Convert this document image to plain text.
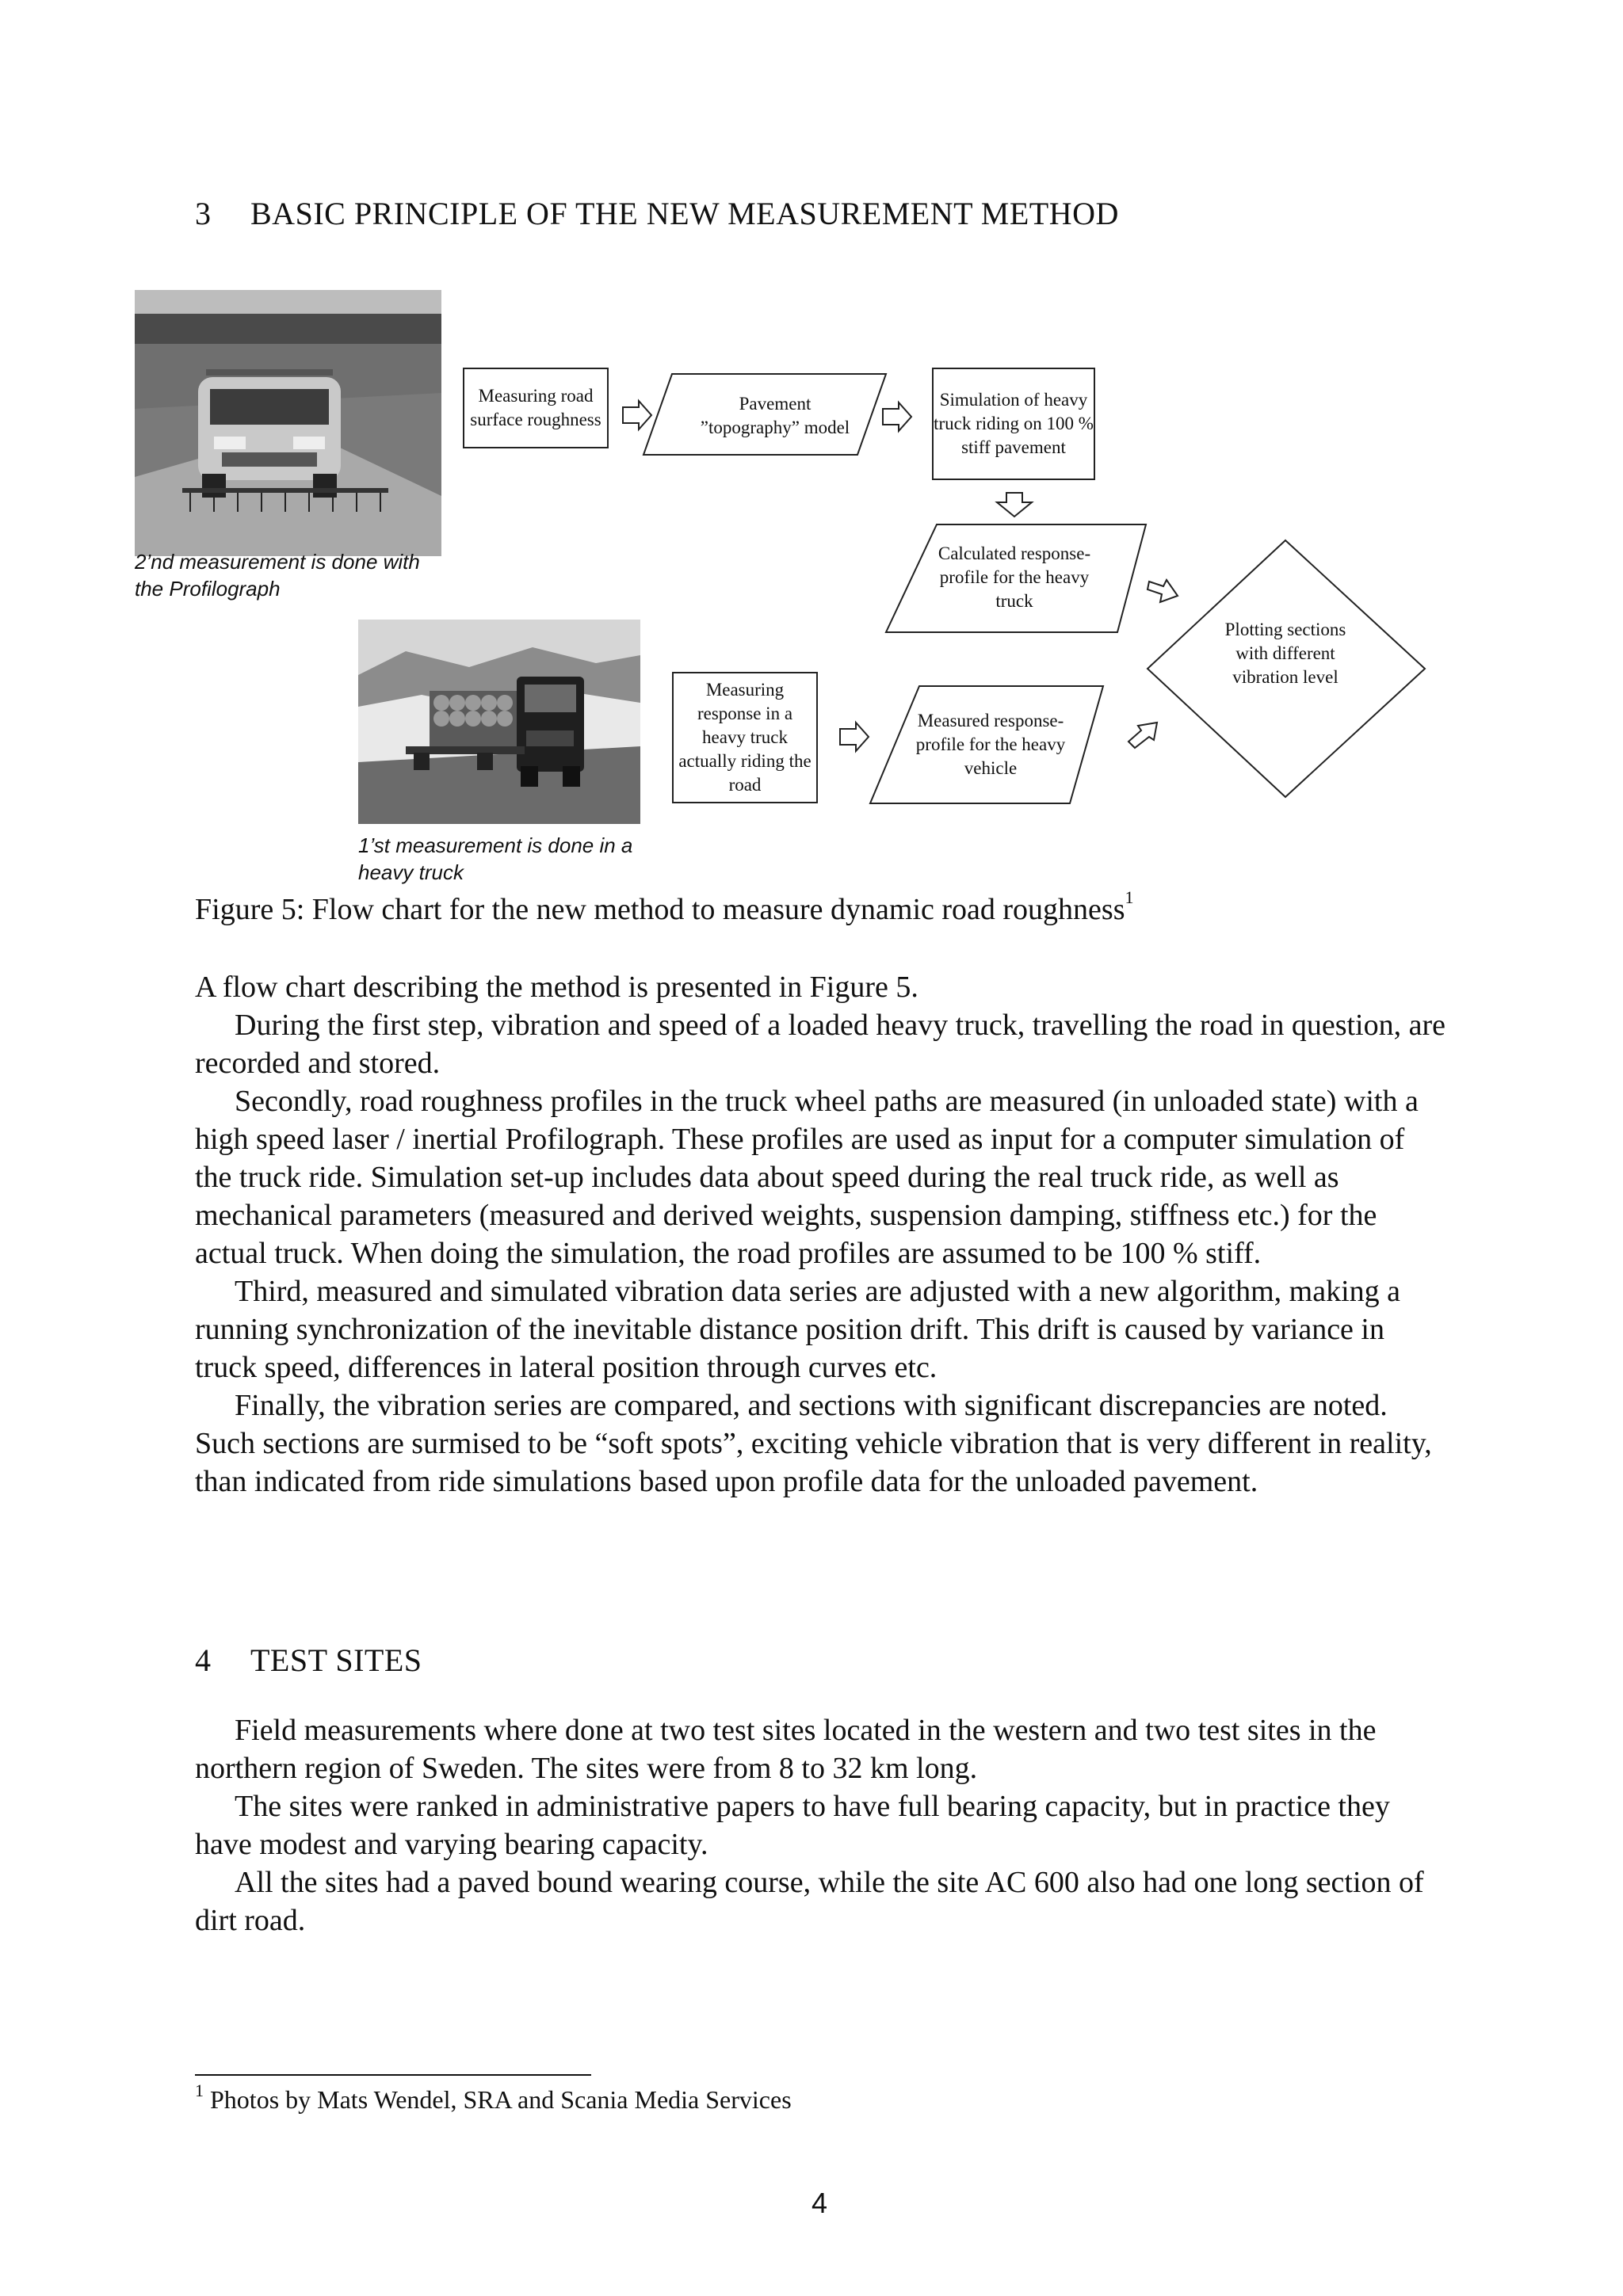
3 BASIC PRINCIPLE OF THE NEW MEASUREMENT METHOD
2’nd measurement is done with the Profilograph
1’st measurement is done in a heavy truck
Measuring road surface roughness
Simulation of heavy truck riding on 100 % stiff pavement
Measuring response in a heavy truck actually riding the road
Pavement ”topography” model
Calculated response-profile for the heavy truck
Measured response-profile for the heavy vehicle
Plotting sections with different vibration level
Figure 5: Flow chart for the new method to measure dynamic road roughness$^1$

A flow chart describing the method is presented in Figure 5.

During the first step, vibration and speed of a loaded heavy truck, travelling the road in question, are recorded and stored.

Secondly, road roughness profiles in the truck wheel paths are measured (in unloaded state) with a high speed laser / inertial Profilograph. These profiles are used as input for a computer simulation of the truck ride. Simulation set-up includes data about speed during the real truck ride, as well as mechanical parameters (measured and derived weights, suspension damping, stiffness etc.) for the actual truck. When doing the simulation, the road profiles are assumed to be 100 % stiff.

Third, measured and simulated vibration data series are adjusted with a new algorithm, making a running synchronization of the inevitable distance position drift. This drift is caused by variance in truck speed, differences in lateral position through curves etc.

Finally, the vibration series are compared, and sections with significant discrepancies are noted. Such sections are surmised to be “soft spots”, exciting vehicle vibration that is very different in reality, than indicated from ride simulations based upon profile data for the unloaded pavement.

4 TEST SITES

Field measurements where done at two test sites located in the western and two test sites in the northern region of Sweden. The sites were from 8 to 32 km long.

The sites were ranked in administrative papers to have full bearing capacity, but in practice they have modest and varying bearing capacity.

All the sites had a paved bound wearing course, while the site AC 600 also had one long section of dirt road.

$^1$ Photos by Mats Wendel, SRA and Scania Media Services
4
